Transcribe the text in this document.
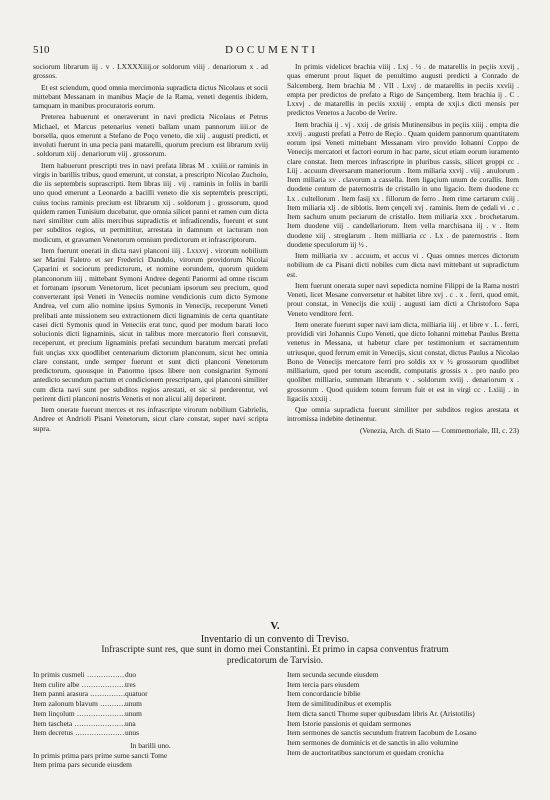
510	DOCUMENTI

sociorum librarum iij . v . LXXXXiiij.or soldorum viiij . denariorum x . ad grossos.

Et est sciendum, quod omnia mercimonia supradicta dictus Nicolaus et socii mittebant Messanam in manibus Maçie de la Rama, veneti degentis ibidem, tamquam in manibus procuratoris eorum.

Preterea habuerunt et oneraverunt in navi predicta Nicolaus et Petrus Michael, et Marcus petenarius veneti ballam unam pannorum iiii.or de borsella, quos emerunt a Stefano de Poço veneto, die xiij . augusti predicti, et involuti fuerunt in una pecia pani matarelli, quorum precium est librarum xviij . soldorum xiij . denariorum viij . grossorum.

Item habuerunt prescripti tres in navi prefata libras M . xxiiii.or raminis in virgis in barillis tribus, quod emerunt, ut constat, a prescripto Nicolao Zucholo, die iis septembris suprascripti. Item libras iiij . vij . raminis in foliis in barili uno quod emerunt a Leonardo a bacilli veneto die xis septembris prescripti, cuius tocius raminis precium est librarum xij . soldorum j . grossorum, quod quidem ramen Tunisium ducebatur, que omnia silicet panni et ramen cum dicta navi similiter cum aliis mercibus supradictis et infradicendis, fuerunt et sunt per subditos regios, ut permittitur, arrestata in damnum et iacturam non modicum, et gravamen Venetorum omnium predictorum et infrascriptorum.

Item fuerunt onerati in dicta navi planconi iiij . Lxxxvj . virorum nobilium ser Marini Faletro et ser Frederici Dandulo, virorum providorum Nicolai Çaparini et sociorum predictorum, et nomine eorundem, quorum quidem planconorum iiij . mittebant Symoni Andree degenti Panormi ad omne riscum et fortunam ipsorum Venetorum, licet pecuniam ipsorum seu precium, quod converterant ipsi Veneti in Veneciis nomine vendicionis cum dicto Symone Andrea, vel cum alio nomine ipsius Symonis in Venecijs, receperunt Veneti prelibati ante missionem seu extractionem dicti lignaminis de certa quantitate casei dicti Symonis quod in Veneciis erat tunc, quod per modum barati loco solucionis dicti lignaminis, sicut in talibus more mercatorio fieri consuevit, receperunt, et precium lignaminis prefati secundum baratum mercati prefati fuit unçias xxx quodlibet centenarium dictorum planconum, sicut hec omnia clare constant, unde semper fuerunt et sunt dicti planconi Venetorum predictorum, quousque in Panormo ipsos libere non consignarint Symoni antedicto secundum pactum et condicionem prescriptam, qui planconi similiter cum dicta navi sunt per subditos regios arestati, et sic si perderentur, vel perirent dicti planconi nostris Venetis et non alicui alij deperirent.

Item onerate fuerunt merces et res infrascripte virorum nobilium Gabrielis, Andree et Andrioli Pisani Venetorum, sicut clare constat, super navi scripta supra.

In primis videlicet brachia viiij . Lxj . ½ . de matarellis in peçiis xxvij , quas emerunt prout liquet de penultimo augusti predicti a Conrado de Salcemberg. Item brachia M . VII . Lxvj . de matarellis in peciis xxviij . empta per predictos de prefato a Rigo de Sançemberg. Item brachia ij . C . Lxxvj . de matarellis in peciis xxxiij . empta de xxji.s dicti mensis per predictos Venetos a Jacobo de Verire.

Item brachia ij . vj . xxij . de grisis Mutinensibus in peçiis xiiij . empta die xxvij . augusti prefati a Petro de Reçio . Quam quidem pannorum quantitatem eorum ipsi Veneti mittebant Messanam viro provido Iohanni Coppo de Venecijs mercatori et factori eorum in hac parte, sicut etiam eorum iuramento clare constat. Item merces infrascripte in pluribus cassis, silicet groppi cc . Liij . accuum diversarum maneriorum . Item miliaria xxvij . viij . anulorum . Item miliaria xv . clavorum a cassella. Item ligaçium unum de corallis. Item duodene centum de paternostris de cristallo in uno ligacio. Item duodene cc Lx . cultellorum . Item fasij xx . fillorum de ferro . Item rime cartarum cxiij . Item miliaria xlj . de siblotis. Item çençeli xvj . raminis. Item de çedali vi . c . Item sachum unum peciarum de cristallo. Item miliaria xxx . brochetarum. Item duodene viij . candellariorum. Item vella marchisana iij . v . Item duodene xiij . streglarum . Item milliaria cc . Lx . de paternostris . Item duodene speculorum iij ½ .

Item milliaria xv . accuum, et accus vi . Quas omnes merces dictorum nobilium de ca Pisani dicti nobiles cum dicta navi mittebant ut supradictum est.

Item fuerunt onerata super navi sepedicta nomine Filippi de la Rama nostri Veneti, licet Mesane conversetur et habitet libre xvj . c . x . ferri, quod emit, prout constat, in Venecijs die xxiij . augusti iam dicti a Christoforo Sapa Veneto venditore ferri.

Item onerate fuerunt super navi iam dicta, milliaria iiij . et libre v . L . ferri, provididi viri Johannis Cupo Veneti, que dicto Iohanni mittebat Paulus Bretta venetus in Messana, ut habetur clare per testimonium et sacramentum utriusque, quod ferrum emit in Venecijs, sicut constat, dictus Paulus a Nicolao Bono de Venecijs mercatore ferri pro soldis xx v ½ grossorum quodlibet milliarium, quod per totum ascendit, computatis grossis x . pro naulo pro quolibet milliario, summam librarum v . soldorum xviij . denariorum x . grossorum . Quod quidem totum ferrum fuit et est in virgi cc . Lxiiij . in ligaciis xxxiij .

Que omnia supradicta fuerunt similiter per subditos regios arestata et intromissa indebite detinentur.

(Venezia, Arch. di Stato — Commemoriale, III, c. 23)

V.
Inventario di un convento di Treviso.
Infrascripte sunt res, que sunt in domo mei Constantini. Et primo in capsa conventus fratrum
predicatorum de Tarvisio.
In primis cusmeli .....	duo
Item culire albe .....	tres
Item panni arasura .....	quatuor
Item zalonum blavum .....	unum
Item linçolum .....	unum
Item tascheta .....	una
Item decretus .....	unus
In barilli uno.
In primis prima pars prime sume sancti Tome
Item prima pars secunde eiusdem
Item secunda secunde eiusdem
Item tercia pars eiusdem
Item concordancie biblie
Item de similitudinibus et exemplis
Item dicta sancti Thome super quibusdam libris Ar. (Aristotilis)
Item Istorie passionis et quidam sermones
Item sermones de sanctis secundum fratrem Iacobum de Losano
Item sermones de dominicis et de sanctis in alio volumine
Item de auctoritatibus sanctorum et quedam cronicha
